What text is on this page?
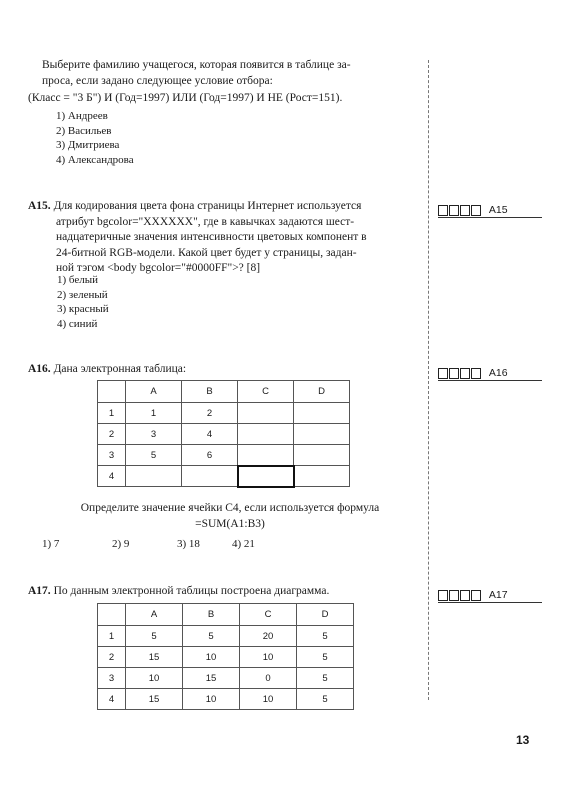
Выберите фамилию учащегося, которая появится в таблице за-
проса, если задано следующее условие отбора:
(Класс = "3 Б") И (Год=1997) ИЛИ (Год=1997) И НЕ (Рост=151).
1) Андреев
2) Васильев
3) Дмитриева
4) Александрова
А15. Для кодирования цвета фона страницы Интернет используется
атрибут bgcolor="XXXXXX", где в кавычках задаются шест-
надцатеричные значения интенсивности цветовых компонент в
24-битной RGB-модели. Какой цвет будет у страницы, задан-
ной тэгом <body bgcolor="#0000FF">? [8]
1) белый
2) зеленый
3) красный
4) синий
А15
А16. Дана электронная таблица:	А16
	A	B	C	D
1	1	2		
2	3	4		
3	5	6		
4				
Определите значение ячейки С4, если используется формула
=SUM(A1:B3)
1) 7	2) 9	3) 18	4) 21
А17. По данным электронной таблицы построена диаграмма.	А17
	A	B	C	D
1	5	5	20	5
2	15	10	10	5
3	10	15	0	5
4	15	10	10	5
13
